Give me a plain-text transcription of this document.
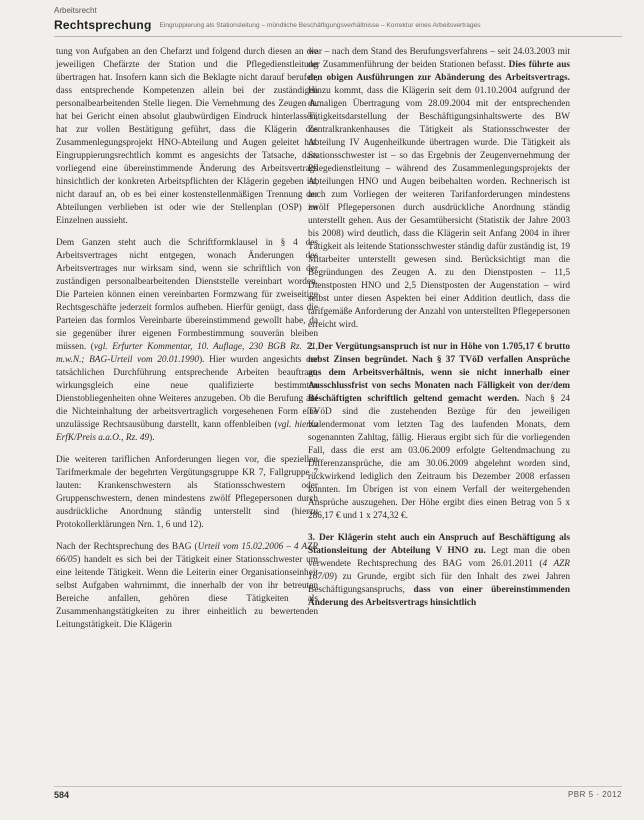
Arbeitsrecht
Rechtsprechung Eingruppierung als Stationsleitung – mündliche Beschäftigungsverhältnisse – Korrektur eines Arbeitsvertrages

tung von Aufgaben an den Chefarzt und folgend durch diesen an die jeweiligen Chefärzte der Station und die Pflegedienstleitung übertragen hat. Insofern kann sich die Beklagte nicht darauf berufen, dass entsprechende Kompetenzen allein bei der zuständigen personalbearbeitenden Stelle liegen. Die Vernehmung des Zeugen A. hat bei Gericht einen absolut glaubwürdigen Eindruck hinterlassen, hat zur vollen Bestätigung geführt, dass die Klägerin das Zusammenlegungsprojekt HNO-Abteilung und Augen geleitet hat. Eingruppierungsrechtlich kommt es angesichts der Tatsache, dass vorliegend eine übereinstimmende Änderung des Arbeitsvertrags hinsichtlich der konkreten Arbeitspflichten der Klägerin gegeben ist, nicht darauf an, ob es bei einer kostenstellenmäßigen Trennung der Abteilungen verblieben ist oder wie der Stellenplan (OSP) im Einzelnen aussieht.

Dem Ganzen steht auch die Schriftformklausel in § 4 des Arbeitsvertrages nicht entgegen, wonach Änderungen des Arbeitsvertrages nur wirksam sind, wenn sie schriftlich von der zuständigen personalbearbeitenden Dienststelle vereinbart worden. Die Parteien können einen vereinbarten Formzwang für zweiseitige Rechtsgeschäfte jederzeit formlos aufheben. Hierfür genügt, dass die Parteien das formlos Vereinbarte übereinstimmend gewollt habe, da sie gegenüber ihrer eigenen Formbestimmung souverän bleiben müssen. (vgl. Erfurter Kommentar, 10. Auflage, 230 BGB Rz. 71, m.w.N.; BAG-Urteil vom 20.01.1990). Hier wurden angesichts der tatsächlichen Durchführung entsprechende Arbeiten beauftragt, wirkungsgleich eine neue qualifizierte bestimmten Dienstobliegenheiten ohne Weiteres anzugeben. Ob die Berufung auf die Nichteinhaltung der arbeitsvertraglich vorgesehenen Form eine unzulässige Rechtsausübung darstellt, kann offenbleiben (vgl. hierzu ErfK/Preis a.a.O., Rz. 49).

Die weiteren tariflichen Anforderungen liegen vor, die speziellen Tarifmerkmale der begehrten Vergütungsgruppe KR 7, Fallgruppe 7 lauten: Krankenschwestern als Stationsschwestern oder Gruppenschwestern, denen mindestens zwölf Pflegepersonen durch ausdrückliche Anordnung ständig unterstellt sind (hierzu Protokollerklärungen Nrn. 1, 6 und 12).

Nach der Rechtsprechung des BAG (Urteil vom 15.02.2006 – 4 AZR 66/05) handelt es sich bei der Tätigkeit einer Stationsschwester um eine leitende Tätigkeit. Wenn die Leiterin einer Organisationseinheit selbst Aufgaben wahrnimmt, die innerhalb der von ihr betreuten Bereiche anfallen, gehören diese Tätigkeiten als Zusammenhangstätigkeiten zu ihrer einheitlich zu bewertenden Leitungstätigkeit. Die Klägerin

war – nach dem Stand des Berufungsverfahrens – seit 24.03.2003 mit der Zusammenführung der beiden Stationen befasst. Dies führte aus den obigen Ausführungen zur Abänderung des Arbeitsvertrags. Hinzu kommt, dass die Klägerin seit dem 01.10.2004 aufgrund der damaligen Übertragung vom 28.09.2004 mit der entsprechenden Tätigkeitsdarstellung der Beschäftigungsinhaltswerte des BW Zentralkrankenhauses die Tätigkeit als Stationsschwester der Abteilung IV Augenheilkunde übertragen wurde. Die Tätigkeit als Stationsschwester ist – so das Ergebnis der Zeugenvernehmung der Pflegedienstleitung – während des Zusammenlegungsprojekts der Abteilungen HNO und Augen beibehalten worden. Rechnerisch ist auch zum Vorliegen der weiteren Tarifanforderungen mindestens zwölf Pflegepersonen durch ausdrückliche Anordnung ständig unterstellt gehen. Aus der Gesamtübersicht (Statistik der Jahre 2003 bis 2008) wird deutlich, dass die Klägerin seit Anfang 2004 in ihrer Tätigkeit als leitende Stationsschwester ständig dafür zuständig ist, 19 Mitarbeiter unterstellt gewesen sind. Berücksichtigt man die Begründungen des Zeugen A. zu den Dienstposten – 11,5 Dienstposten HNO und 2,5 Dienstposten der Augenstation – wird selbst unter diesen Aspekten bei einer Addition deutlich, dass die tarifgemäße Anforderung der Anzahl von unterstellten Pflegepersonen erreicht wird.

2. Der Vergütungsanspruch ist nur in Höhe von 1.705,17 € brutto nebst Zinsen begründet. Nach § 37 TVöD verfallen Ansprüche aus dem Arbeitsverhältnis, wenn sie nicht innerhalb einer Ausschlussfrist von sechs Monaten nach Fälligkeit von der/dem Beschäftigten schriftlich geltend gemacht werden. Nach § 24 TVöD sind die zustehenden Bezüge für den jeweiligen Kalendermonat vom letzten Tag des laufenden Monats, dem sogenannten Zahltag, fällig. Hieraus ergibt sich für die vorliegenden Fall, dass die erst am 03.06.2009 erfolgte Geltendmachung zu Differenzansprüche, die am 30.06.2009 abgelehnt worden sind, rückwirkend lediglich den Zeitraum bis Dezember 2008 erfassen konnten. Im Übrigen ist von einem Verfall der weitergehenden Ansprüche auszugehen. Der Höhe ergibt dies einen Betrag von 5 x 286,17 € und 1 x 274,32 €.

3. Der Klägerin steht auch ein Anspruch auf Beschäftigung als Stationsleitung der Abteilung V HNO zu. Legt man die oben verwendete Rechtsprechung des BAG vom 26.01.2011 (4 AZR 167/09) zu Grunde, ergibt sich für den Inhalt des zwei Jahren Beschäftigungsanspruchs, dass von einer übereinstimmenden Änderung des Arbeitsvertrags hinsichtlich

584	PBR 5 · 2012
